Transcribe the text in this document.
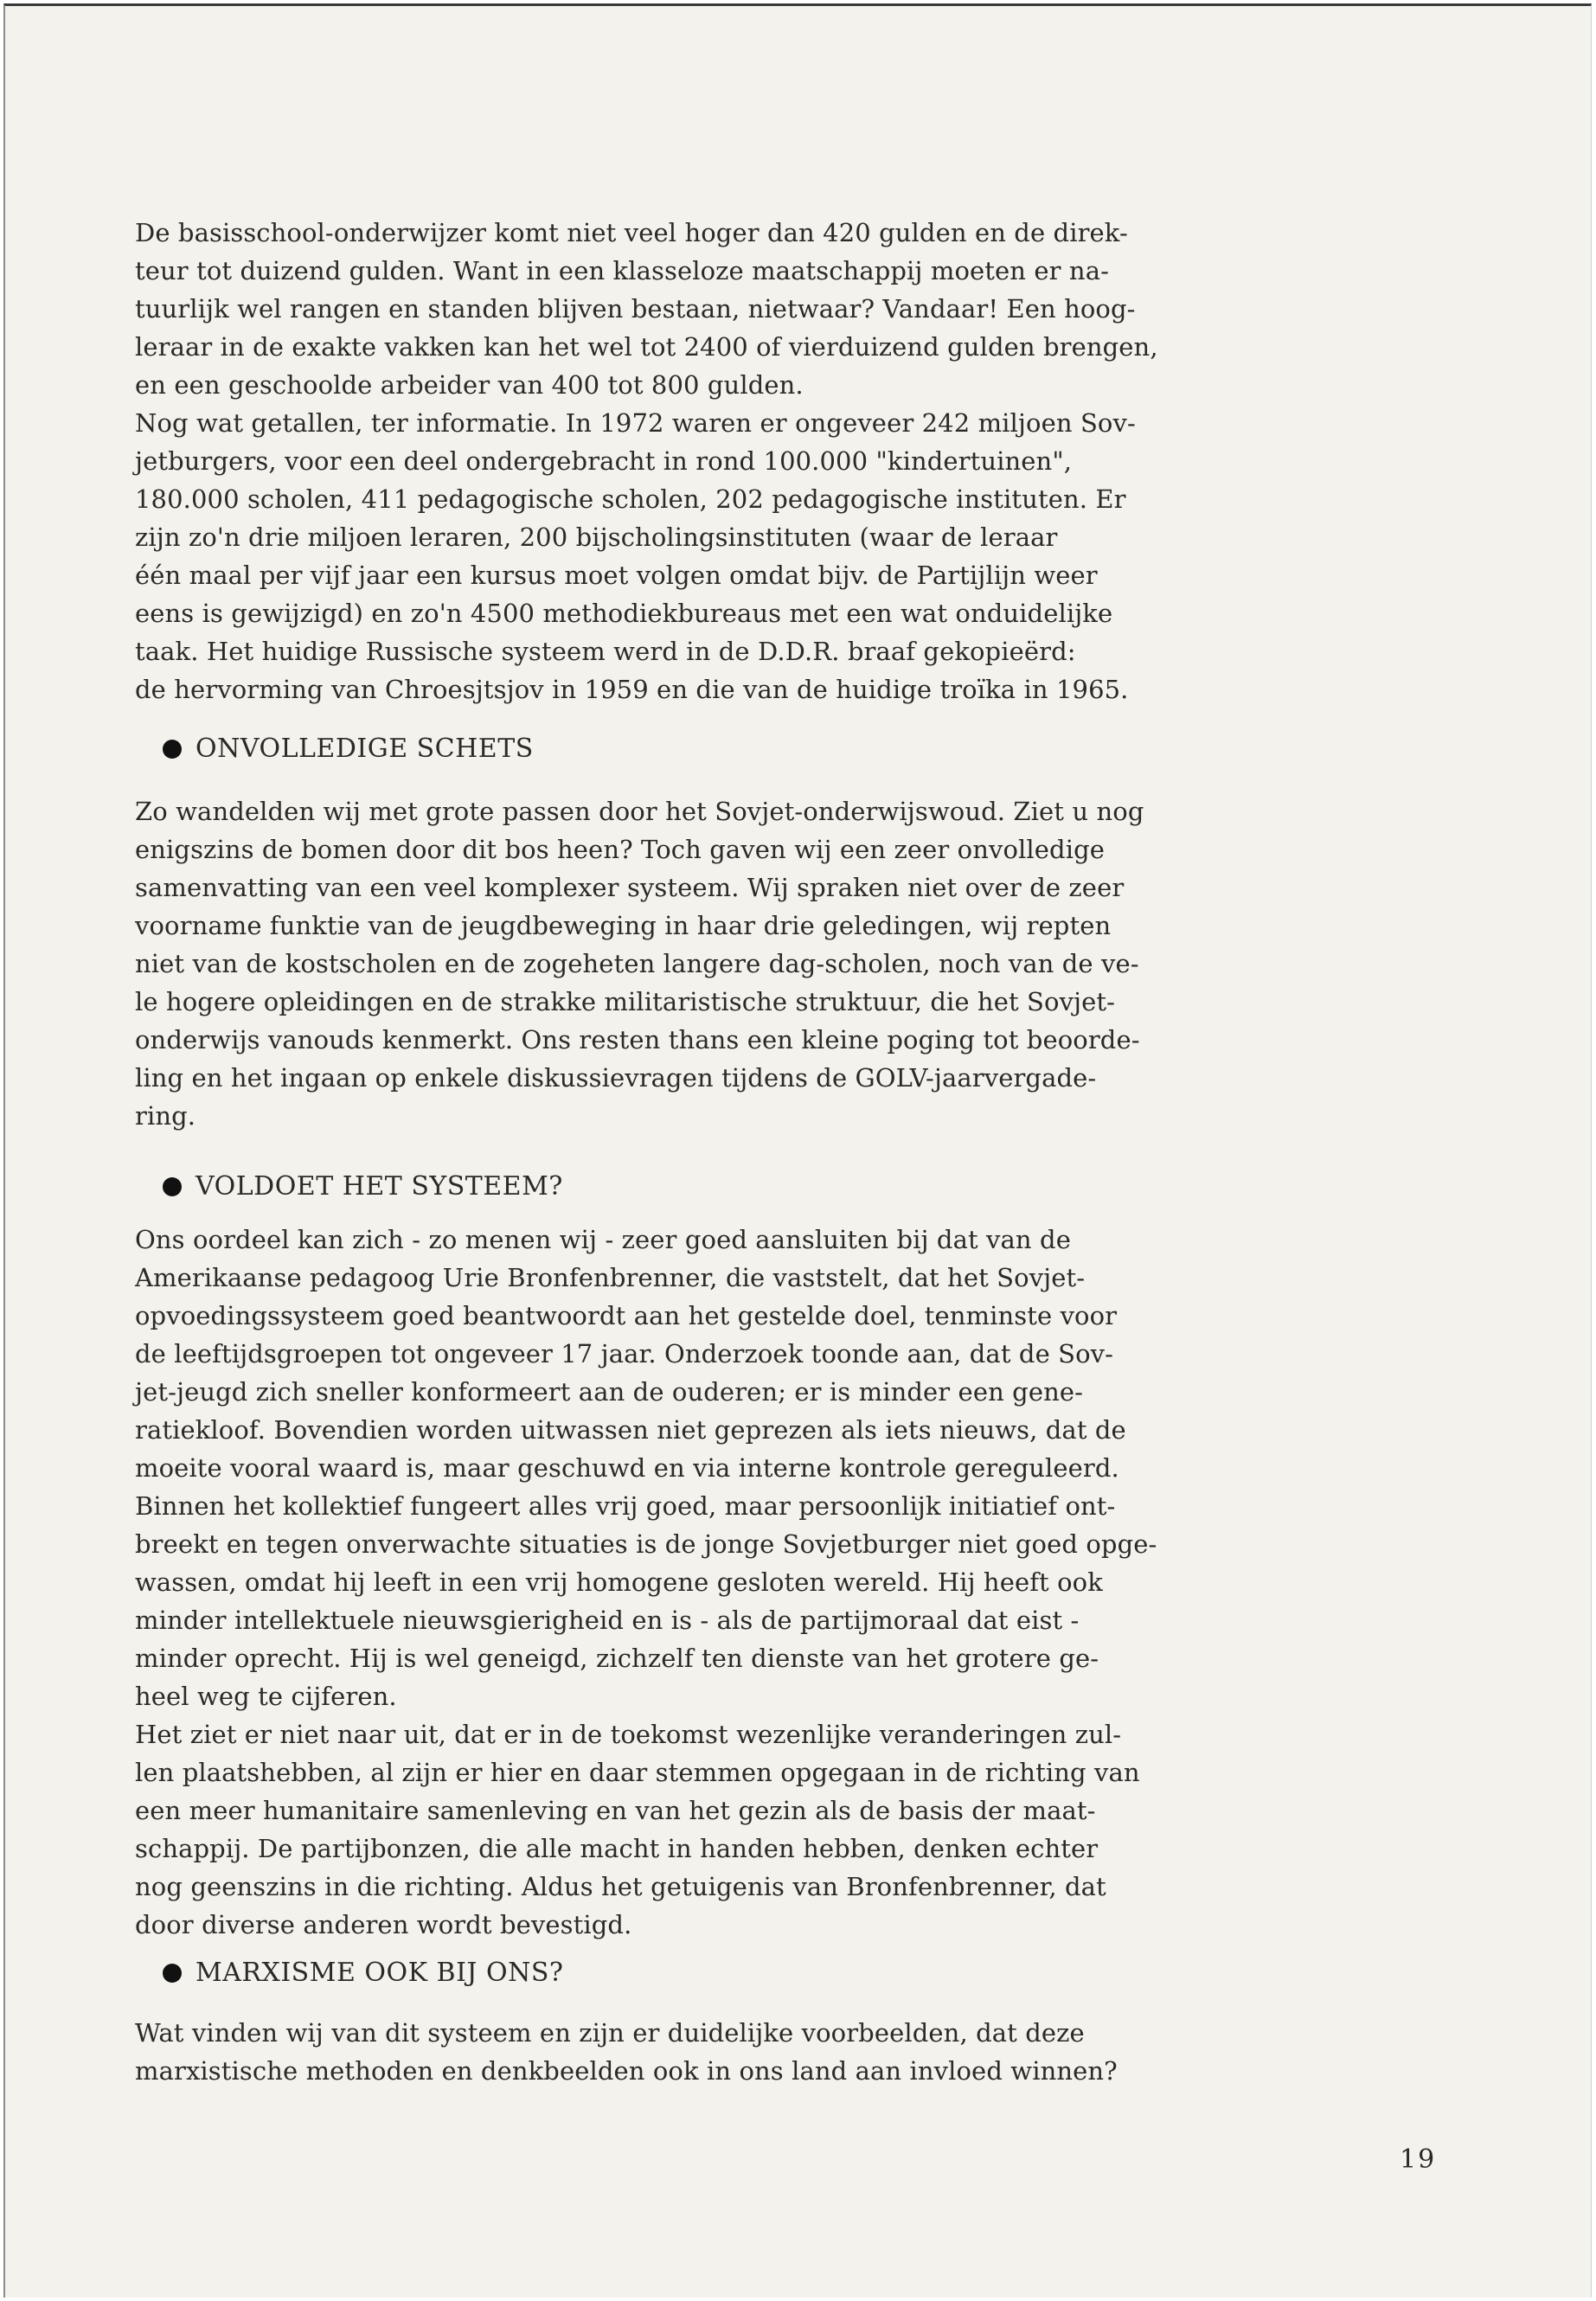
De basisschool-onderwijzer komt niet veel hoger dan 420 gulden en de direk-

teur tot duizend gulden. Want in een klasseloze maatschappij moeten er na-

tuurlijk wel rangen en standen blijven bestaan, nietwaar? Vandaar! Een hoog-

leraar in de exakte vakken kan het wel tot 2400 of vierduizend gulden brengen,

en een geschoolde arbeider van 400 tot 800 gulden.

Nog wat getallen, ter informatie. In 1972 waren er ongeveer 242 miljoen Sov-

jetburgers, voor een deel ondergebracht in rond 100.000 "kindertuinen",

180.000 scholen, 411 pedagogische scholen, 202 pedagogische instituten. Er

zijn zo'n drie miljoen leraren, 200 bijscholingsinstituten (waar de leraar

één maal per vijf jaar een kursus moet volgen omdat bijv. de Partijlijn weer

eens is gewijzigd) en zo'n 4500 methodiekbureaus met een wat onduidelijke

taak. Het huidige Russische systeem werd in de D.D.R. braaf gekopieërd:

de hervorming van Chroesjtsjov in 1959 en die van de huidige troïka in 1965.

ONVOLLEDIGE SCHETS

Zo wandelden wij met grote passen door het Sovjet-onderwijswoud. Ziet u nog

enigszins de bomen door dit bos heen? Toch gaven wij een zeer onvolledige

samenvatting van een veel komplexer systeem. Wij spraken niet over de zeer

voorname funktie van de jeugdbeweging in haar drie geledingen, wij repten

niet van de kostscholen en de zogeheten langere dag-scholen, noch van de ve-

le hogere opleidingen en de strakke militaristische struktuur, die het Sovjet-

onderwijs vanouds kenmerkt. Ons resten thans een kleine poging tot beoorde-

ling en het ingaan op enkele diskussievragen tijdens de GOLV-jaarvergade-

ring.

VOLDOET HET SYSTEEM?

Ons oordeel kan zich - zo menen wij - zeer goed aansluiten bij dat van de

Amerikaanse pedagoog Urie Bronfenbrenner, die vaststelt, dat het Sovjet-

opvoedingssysteem goed beantwoordt aan het gestelde doel, tenminste voor

de leeftijdsgroepen tot ongeveer 17 jaar. Onderzoek toonde aan, dat de Sov-

jet-jeugd zich sneller konformeert aan de ouderen; er is minder een gene-

ratiekloof. Bovendien worden uitwassen niet geprezen als iets nieuws, dat de

moeite vooral waard is, maar geschuwd en via interne kontrole gereguleerd.

Binnen het kollektief fungeert alles vrij goed, maar persoonlijk initiatief ont-

breekt en tegen onverwachte situaties is de jonge Sovjetburger niet goed opge-

wassen, omdat hij leeft in een vrij homogene gesloten wereld. Hij heeft ook

minder intellektuele nieuwsgierigheid en is - als de partijmoraal dat eist -

minder oprecht. Hij is wel geneigd, zichzelf ten dienste van het grotere ge-

heel weg te cijferen.

Het ziet er niet naar uit, dat er in de toekomst wezenlijke veranderingen zul-

len plaatshebben, al zijn er hier en daar stemmen opgegaan in de richting van

een meer humanitaire samenleving en van het gezin als de basis der maat-

schappij. De partijbonzen, die alle macht in handen hebben, denken echter

nog geenszins in die richting. Aldus het getuigenis van Bronfenbrenner, dat

door diverse anderen wordt bevestigd.

MARXISME OOK BIJ ONS?

Wat vinden wij van dit systeem en zijn er duidelijke voorbeelden, dat deze

marxistische methoden en denkbeelden ook in ons land aan invloed winnen?

19
